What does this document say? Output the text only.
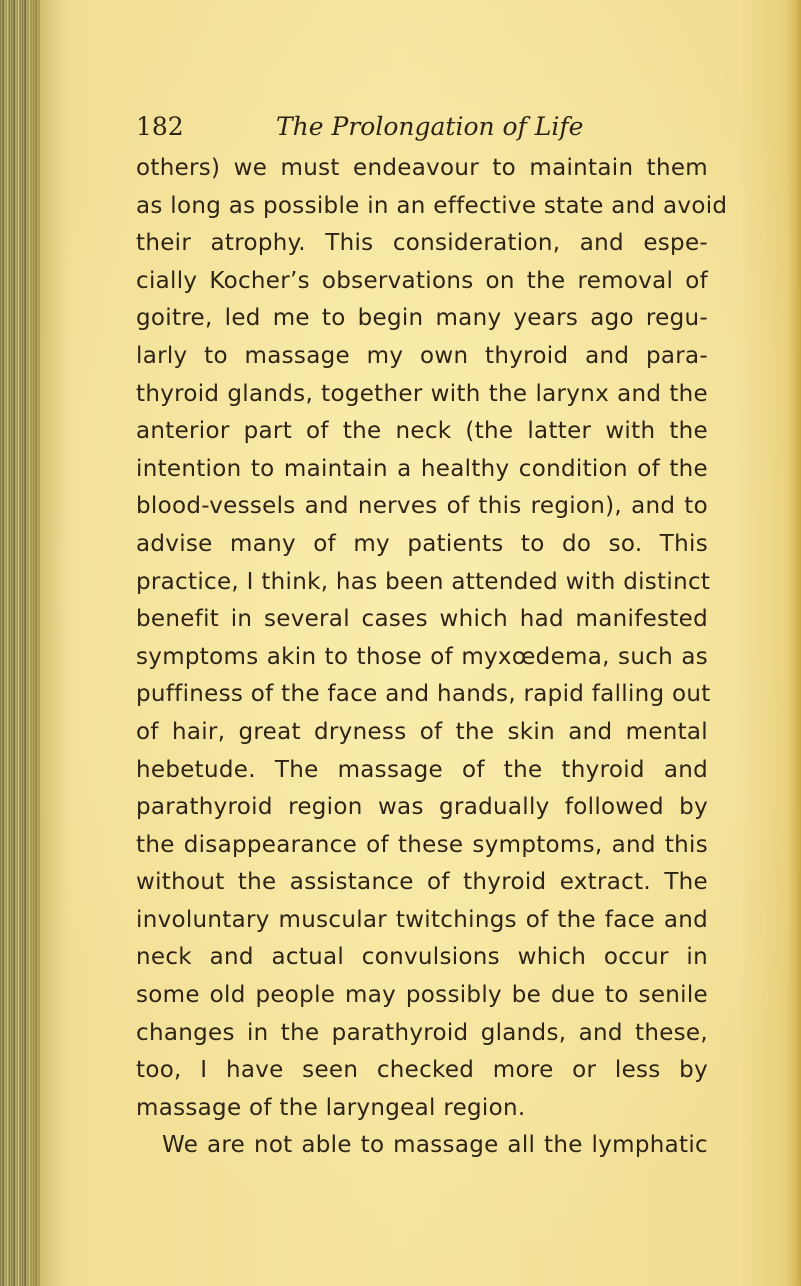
182	The Prolongation of Life
others) we must endeavour to maintain them
as long as possible in an effective state and avoid
their atrophy. This consideration, and espe-
cially Kocher’s observations on the removal of
goitre, led me to begin many years ago regu-
larly to massage my own thyroid and para-
thyroid glands, together with the larynx and the
anterior part of the neck (the latter with the
intention to maintain a healthy condition of the
blood-vessels and nerves of this region), and to
advise many of my patients to do so. This
practice, I think, has been attended with distinct
benefit in several cases which had manifested
symptoms akin to those of myxœdema, such as
puffiness of the face and hands, rapid falling out
of hair, great dryness of the skin and mental
hebetude. The massage of the thyroid and
parathyroid region was gradually followed by
the disappearance of these symptoms, and this
without the assistance of thyroid extract. The
involuntary muscular twitchings of the face and
neck and actual convulsions which occur in
some old people may possibly be due to senile
changes in the parathyroid glands, and these,
too, I have seen checked more or less by
massage of the laryngeal region.
We are not able to massage all the lymphatic
